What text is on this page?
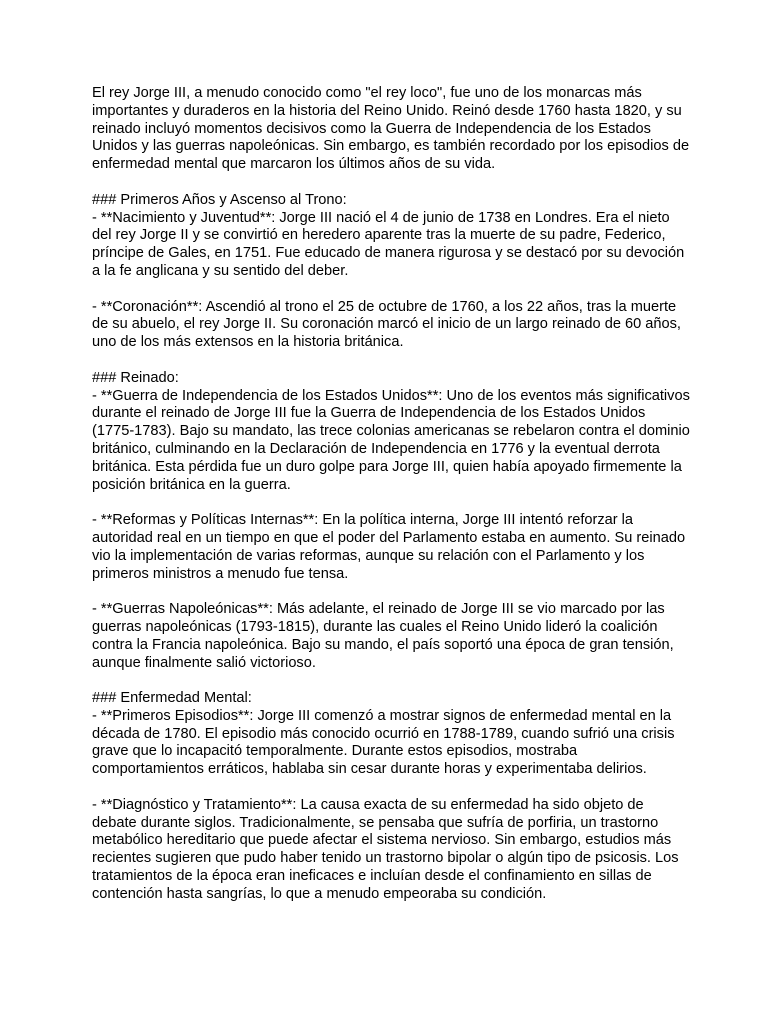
El rey Jorge III, a menudo conocido como "el rey loco", fue uno de los monarcas más
importantes y duraderos en la historia del Reino Unido. Reinó desde 1760 hasta 1820, y su
reinado incluyó momentos decisivos como la Guerra de Independencia de los Estados
Unidos y las guerras napoleónicas. Sin embargo, es también recordado por los episodios de
enfermedad mental que marcaron los últimos años de su vida.
### Primeros Años y Ascenso al Trono:
- **Nacimiento y Juventud**: Jorge III nació el 4 de junio de 1738 en Londres. Era el nieto
del rey Jorge II y se convirtió en heredero aparente tras la muerte de su padre, Federico,
príncipe de Gales, en 1751. Fue educado de manera rigurosa y se destacó por su devoción
a la fe anglicana y su sentido del deber.
- **Coronación**: Ascendió al trono el 25 de octubre de 1760, a los 22 años, tras la muerte
de su abuelo, el rey Jorge II. Su coronación marcó el inicio de un largo reinado de 60 años,
uno de los más extensos en la historia británica.
### Reinado:
- **Guerra de Independencia de los Estados Unidos**: Uno de los eventos más significativos
durante el reinado de Jorge III fue la Guerra de Independencia de los Estados Unidos
(1775-1783). Bajo su mandato, las trece colonias americanas se rebelaron contra el dominio
británico, culminando en la Declaración de Independencia en 1776 y la eventual derrota
británica. Esta pérdida fue un duro golpe para Jorge III, quien había apoyado firmemente la
posición británica en la guerra.
- **Reformas y Políticas Internas**: En la política interna, Jorge III intentó reforzar la
autoridad real en un tiempo en que el poder del Parlamento estaba en aumento. Su reinado
vio la implementación de varias reformas, aunque su relación con el Parlamento y los
primeros ministros a menudo fue tensa.
- **Guerras Napoleónicas**: Más adelante, el reinado de Jorge III se vio marcado por las
guerras napoleónicas (1793-1815), durante las cuales el Reino Unido lideró la coalición
contra la Francia napoleónica. Bajo su mando, el país soportó una época de gran tensión,
aunque finalmente salió victorioso.
### Enfermedad Mental:
- **Primeros Episodios**: Jorge III comenzó a mostrar signos de enfermedad mental en la
década de 1780. El episodio más conocido ocurrió en 1788-1789, cuando sufrió una crisis
grave que lo incapacitó temporalmente. Durante estos episodios, mostraba
comportamientos erráticos, hablaba sin cesar durante horas y experimentaba delirios.
- **Diagnóstico y Tratamiento**: La causa exacta de su enfermedad ha sido objeto de
debate durante siglos. Tradicionalmente, se pensaba que sufría de porfiria, un trastorno
metabólico hereditario que puede afectar el sistema nervioso. Sin embargo, estudios más
recientes sugieren que pudo haber tenido un trastorno bipolar o algún tipo de psicosis. Los
tratamientos de la época eran ineficaces e incluían desde el confinamiento en sillas de
contención hasta sangrías, lo que a menudo empeoraba su condición.
